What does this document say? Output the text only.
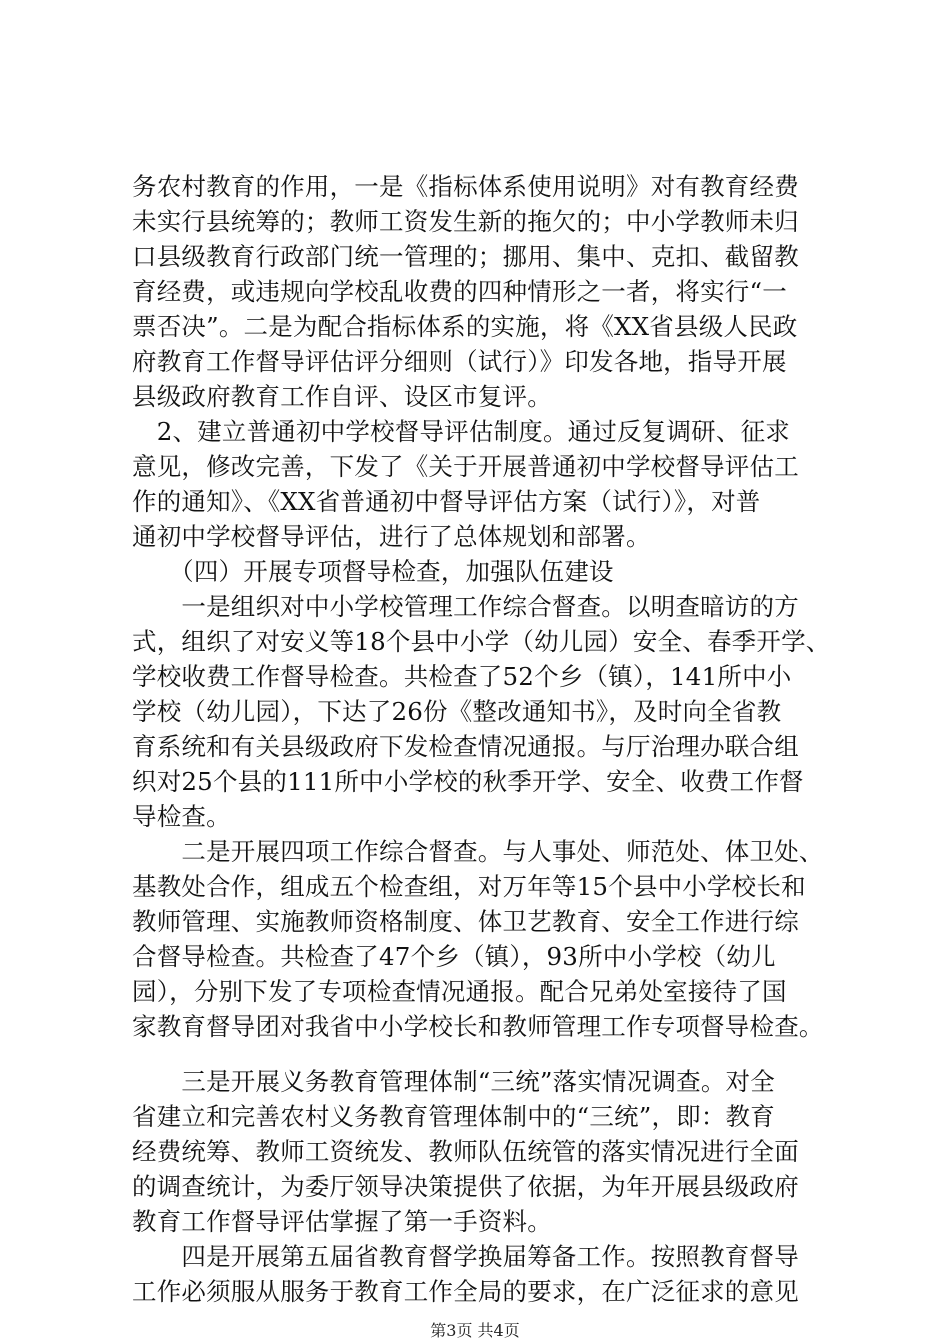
务农村教育的作用，一是《指标体系使用说明》对有教育经费
未实行县统筹的；教师工资发生新的拖欠的；中小学教师未归
口县级教育行政部门统一管理的；挪用、集中、克扣、截留教
育经费，或违规向学校乱收费的四种情形之一者，将实行“一
票否决”。二是为配合指标体系的实施，将《XX省县级人民政
府教育工作督导评估评分细则（试行）》印发各地，指导开展
县级政府教育工作自评、设区市复评。
　2、建立普通初中学校督导评估制度。通过反复调研、征求
意见，修改完善，下发了《关于开展普通初中学校督导评估工
作的通知》、《XX省普通初中督导评估方案（试行）》，对普
通初中学校督导评估，进行了总体规划和部署。
　　（四）开展专项督导检查，加强队伍建设
　　一是组织对中小学校管理工作综合督查。以明查暗访的方
式，组织了对安义等18个县中小学（幼儿园）安全、春季开学、
学校收费工作督导检查。共检查了52个乡（镇），141所中小
学校（幼儿园），下达了26份《整改通知书》，及时向全省教
育系统和有关县级政府下发检查情况通报。与厅治理办联合组
织对25个县的111所中小学校的秋季开学、安全、收费工作督
导检查。
　　二是开展四项工作综合督查。与人事处、师范处、体卫处、
基教处合作，组成五个检查组，对万年等15个县中小学校长和
教师管理、实施教师资格制度、体卫艺教育、安全工作进行综
合督导检查。共检查了47个乡（镇），93所中小学校（幼儿
园），分别下发了专项检查情况通报。配合兄弟处室接待了国
家教育督导团对我省中小学校长和教师管理工作专项督导检查。
　　三是开展义务教育管理体制“三统”落实情况调查。对全
省建立和完善农村义务教育管理体制中的“三统”，即：教育
经费统筹、教师工资统发、教师队伍统管的落实情况进行全面
的调查统计，为委厅领导决策提供了依据，为年开展县级政府
教育工作督导评估掌握了第一手资料。
　　四是开展第五届省教育督学换届筹备工作。按照教育督导
工作必须服从服务于教育工作全局的要求，在广泛征求的意见
第3页 共4页
